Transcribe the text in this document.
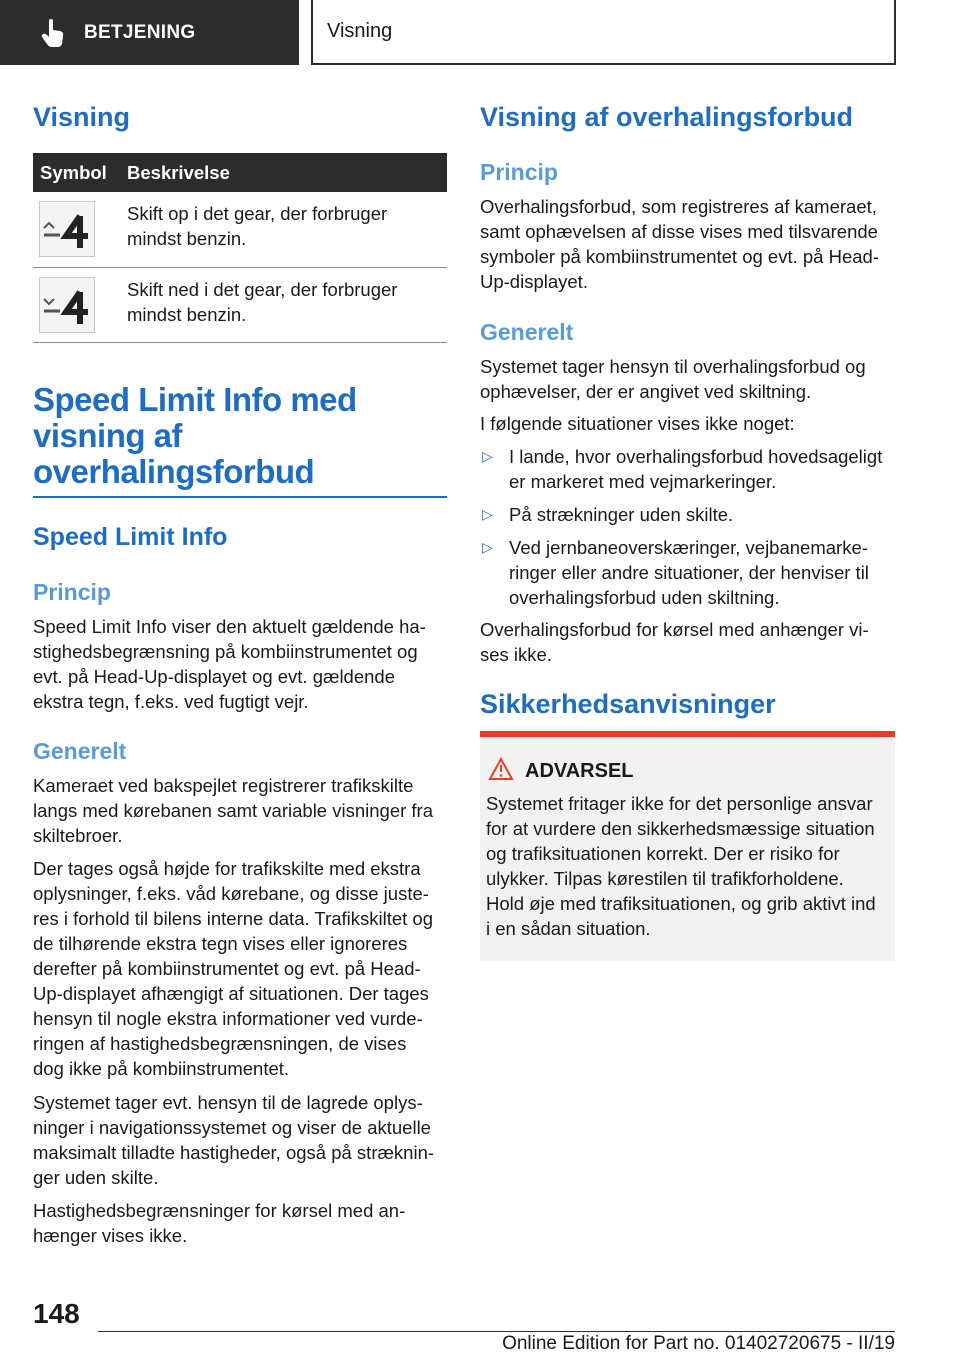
BETJENING	Visning
Visning
Symbol	Beskrivelse
Skift op i det gear, der forbruger
mindst benzin.
Skift ned i det gear, der forbruger
mindst benzin.
Speed Limit Info med
visning af
overhalingsforbud
Speed Limit Info
Princip
Speed Limit Info viser den aktuelt gældende ha-
stighedsbegrænsning på kombiinstrumentet og
evt. på Head-Up-displayet og evt. gældende
ekstra tegn, f.eks. ved fugtigt vejr.
Generelt
Kameraet ved bakspejlet registrerer trafikskilte
langs med kørebanen samt variable visninger fra
skiltebroer.
Der tages også højde for trafikskilte med ekstra
oplysninger, f.eks. våd kørebane, og disse juste-
res i forhold til bilens interne data. Trafikskiltet og
de tilhørende ekstra tegn vises eller ignoreres
derefter på kombiinstrumentet og evt. på Head-
Up-displayet afhængigt af situationen. Der tages
hensyn til nogle ekstra informationer ved vurde-
ringen af hastighedsbegrænsningen, de vises
dog ikke på kombiinstrumentet.
Systemet tager evt. hensyn til de lagrede oplys-
ninger i navigationssystemet og viser de aktuelle
maksimalt tilladte hastigheder, også på stræknin-
ger uden skilte.
Hastighedsbegrænsninger for kørsel med an-
hænger vises ikke.
Visning af overhalingsforbud
Princip
Overhalingsforbud, som registreres af kameraet,
samt ophævelsen af disse vises med tilsvarende
symboler på kombiinstrumentet og evt. på Head-
Up-displayet.
Generelt
Systemet tager hensyn til overhalingsforbud og
ophævelser, der er angivet ved skiltning.
I følgende situationer vises ikke noget:
▷ I lande, hvor overhalingsforbud hovedsageligt
er markeret med vejmarkeringer.
▷ På strækninger uden skilte.
▷ Ved jernbaneoverskæringer, vejbanemarke-
ringer eller andre situationer, der henviser til
overhalingsforbud uden skiltning.
Overhalingsforbud for kørsel med anhænger vi-
ses ikke.
Sikkerhedsanvisninger
ADVARSEL
Systemet fritager ikke for det personlige ansvar
for at vurdere den sikkerhedsmæssige situation
og trafiksituationen korrekt. Der er risiko for
ulykker. Tilpas kørestilen til trafikforholdene.
Hold øje med trafiksituationen, og grib aktivt ind
i en sådan situation.
148
Online Edition for Part no. 01402720675 - II/19
